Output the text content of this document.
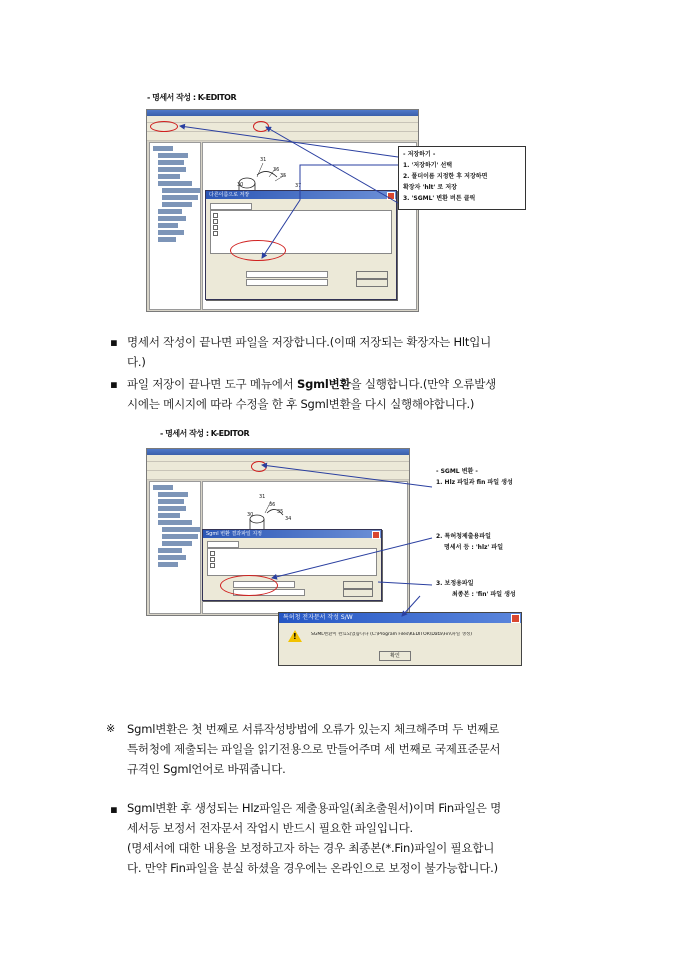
- 명세서 작성 : K-EDITOR
31
36
30
35
37
다른이름으로 저장
- 저장하기 -
1. '저장하기' 선택
2. 폴더이름 지정한 후 저장하면
확장자 'hlt' 로 저장
3. 'SGML' 변환 버튼 클릭
▪ 명세서 작성이 끝나면 파일을 저장합니다.(이때 저장되는 확장자는 Hlt입니
다.)
▪ 파일 저장이 끝나면 도구 메뉴에서 Sgml변환을 실행합니다.(만약 오류발생
시에는 메시지에 따라 수정을 한 후 Sgml변환을 다시 실행해야합니다.)
- 명세서 작성 : K-EDITOR
31
36
30	35
34
Sgml 변환 결과파일 지정
- SGML 변환 -
1. Hlz 파일과 fin 파일 생성
2. 특허청제출용파일
명세서 등 : 'hlz' 파일
3. 보정용파일
최종본 : 'fin' 파일 생성
특허청 전자문서 작성 S/W
!	SGML변환이 완료되었습니다 (C:\Program Files\KEDITOR\Data\Fin\파일 생성)
확인
※ Sgml변환은 첫 번째로 서류작성방법에 오류가 있는지 체크해주며 두 번째로
특허청에 제출되는 파일을 읽기전용으로 만들어주며 세 번째로 국제표준문서
규격인 Sgml언어로 바꿔줍니다.
▪ Sgml변환 후 생성되는 Hlz파일은 제출용파일(최초출원서)이며 Fin파일은 명
세서등 보정서 전자문서 작업시 반드시 필요한 파일입니다.
(명세서에 대한 내용을 보정하고자 하는 경우 최종본(*.Fin)파일이 필요합니
다. 만약 Fin파일을 분실 하셨을 경우에는 온라인으로 보정이 불가능합니다.)
